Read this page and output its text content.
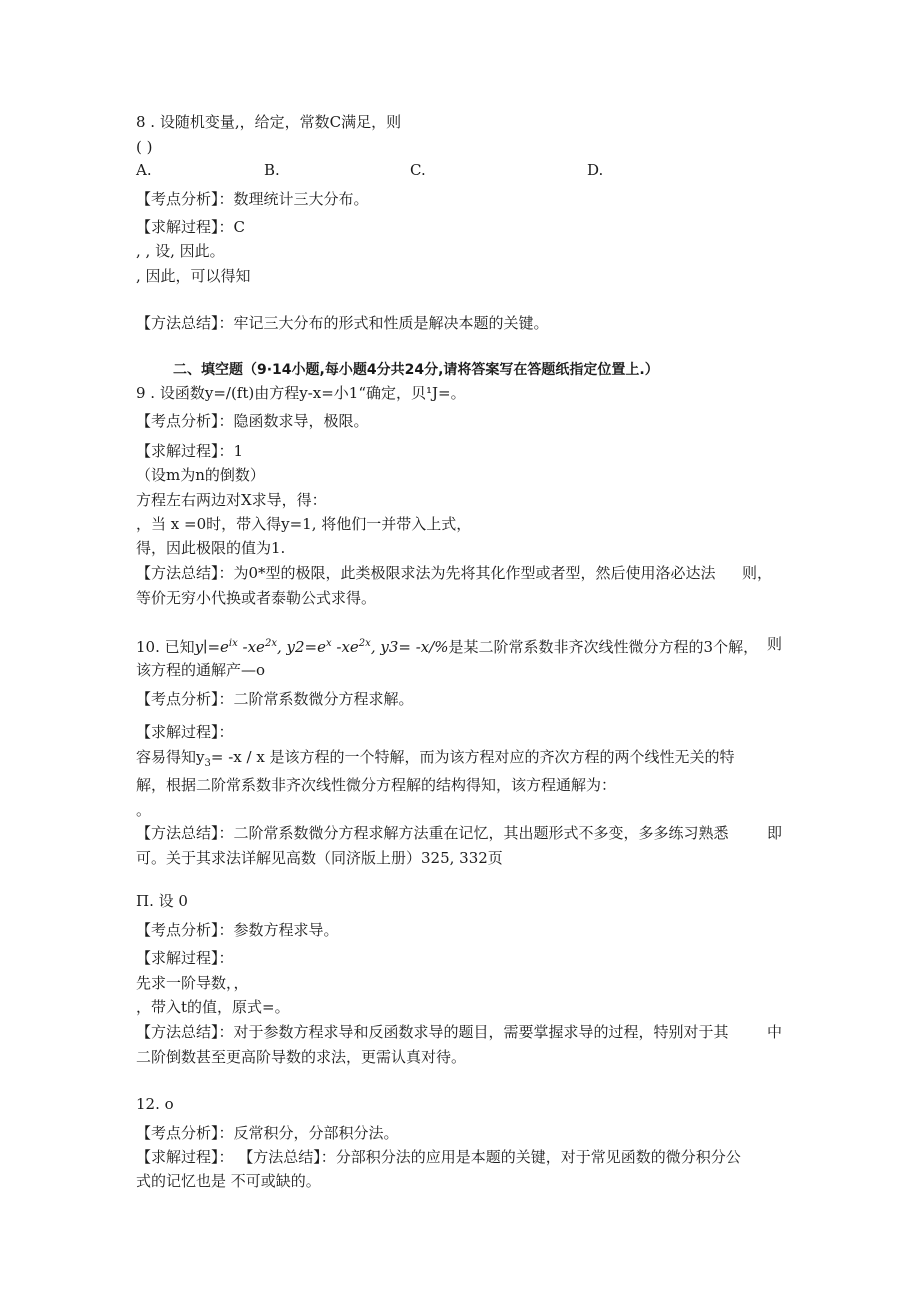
8 . 设随机变量,，给定，常数C满足，则
( )
A.	B.	C.	D.
【考点分析】：数理统计三大分布。
【求解过程】：C
, , 设, 因此。
, 因此，可以得知
【方法总结】：牢记三大分布的形式和性质是解决本题的关键。
二、填空题（9·14小题,每小题4分共24分,请将答案写在答题纸指定位置上.）
9 . 设函数y=/(ft)由方程y-x=小1“确定，贝¹J=。
【考点分析】：隐函数求导，极限。
【求解过程】：1
（设m为n的倒数）
方程左右两边对X求导，得：
，当 x =0时，带入得y=1, 将他们一并带入上式，
得，因此极限的值为1.
【方法总结】：为0*型的极限，此类极限求法为先将其化作型或者型，然后使用洛必达法 则，
等价无穷小代换或者泰勒公式求得。
10. 已知$y∣=e^{ix}$ $-xe^{2x}$, $y2=e^x$ $-xe^{2x}$, y3= -x/%是某二阶常系数非齐次线性微分方程的3个解， 则
该方程的通解产—o
【考点分析】：二阶常系数微分方程求解。
【求解过程】：
容易得知$y_3= -x / x$ 是该方程的一个特解，而为该方程对应的齐次方程的两个线性无关的特
解，根据二阶常系数非齐次线性微分方程解的结构得知，该方程通解为：
。
【方法总结】：二阶常系数微分方程求解方法重在记忆，其出题形式不多变，多多练习熟悉	即
可。关于其求法详解见高数（同济版上册）325, 332页
Π. 设 0
【考点分析】：参数方程求导。
【求解过程】：
先求一阶导数，，
，带入t的值，原式=。
【方法总结】：对于参数方程求导和反函数求导的题目，需要掌握求导的过程，特别对于其	中
二阶倒数甚至更高阶导数的求法，更需认真对待。
12. o
【考点分析】：反常积分，分部积分法。
【求解过程】： 【方法总结】：分部积分法的应用是本题的关键，对于常见函数的微分积分公
式的记忆也是 不可或缺的。
